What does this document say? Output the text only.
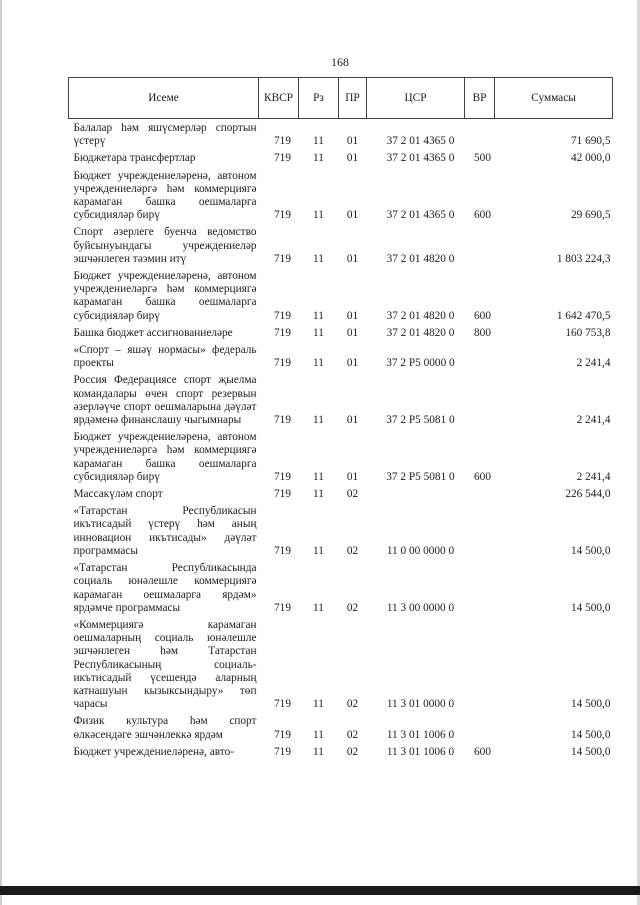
168
Исеме	КВСР	Рз	ПР	ЦСР	ВР	Суммасы
Балалар һәм яшүсмерләр спортын үстерү	719	11	01	37 2 01 4365 0		71 690,5
Бюджетара трансфертлар	719	11	01	37 2 01 4365 0	500	42 000,0
Бюджет учреждениеләренә, автоном учреждениеләргә һәм коммерциягә карамаган башка оешмаларга субсидияләр бирү	719	11	01	37 2 01 4365 0	600	29 690,5
Спорт әзерлеге буенча ведомство буйсынуындагы учреждениеләр эшчәнлеген тәэмин итү	719	11	01	37 2 01 4820 0		1 803 224,3
Бюджет учреждениеләренә, автоном учреждениеләргә һәм коммерциягә карамаган башка оешмаларга субсидияләр бирү	719	11	01	37 2 01 4820 0	600	1 642 470,5
Башка бюджет ассигнованиеләре	719	11	01	37 2 01 4820 0	800	160 753,8
«Спорт – яшәү нормасы» федераль проекты	719	11	01	37 2 P5 0000 0		2 241,4
Россия Федерациясе спорт җыелма командалары өчен спорт резервын әзерләүче спорт оешмаларына дәүләт ярдәменә финанслашу чыгымнары	719	11	01	37 2 P5 5081 0		2 241,4
Бюджет учреждениеләренә, автоном учреждениеләргә һәм коммерциягә карамаган башка оешмаларга субсидияләр бирү	719	11	01	37 2 P5 5081 0	600	2 241,4
Массакүләм спорт	719	11	02			226 544,0
«Татарстан Республикасын икътисадый үстерү һәм аның инновацион икътисады» дәүләт программасы	719	11	02	11 0 00 0000 0		14 500,0
«Татарстан Республикасында социаль юнәлешле коммерциягә карамаган оешмаларга ярдәм» ярдәмче программасы	719	11	02	11 3 00 0000 0		14 500,0
«Коммерциягә карамаган оешмаларның социаль юнәлешле эшчәнлеген һәм Татарстан Республикасының социаль-икътисадый үсешендә аларның катнашуын кызыксындыру» төп чарасы	719	11	02	11 3 01 0000 0		14 500,0
Физик культура һәм спорт өлкәсендәге эшчәнлеккә ярдәм	719	11	02	11 3 01 1006 0		14 500,0
Бюджет учреждениеләренә, авто-	719	11	02	11 3 01 1006 0	600	14 500,0
